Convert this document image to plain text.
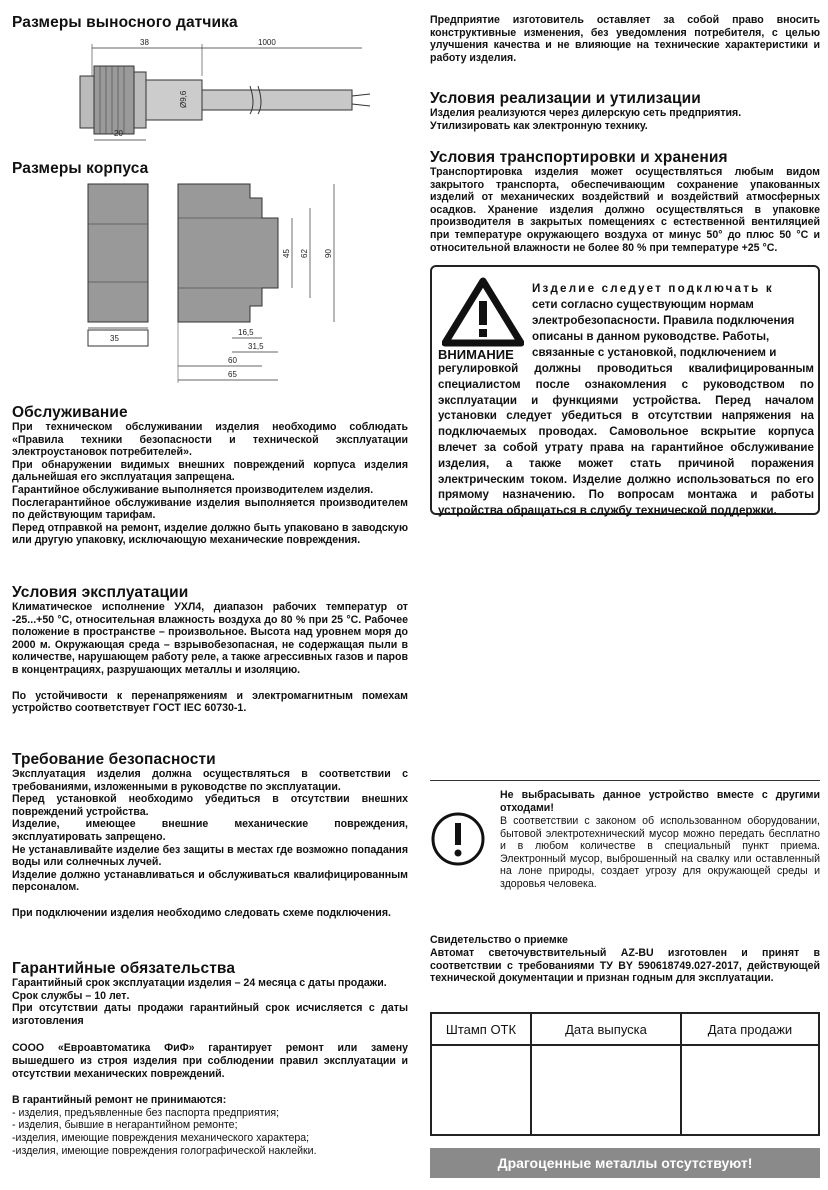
Размеры выносного датчика
38	1000
Ø9,6
20
Размеры корпуса
35
45 62 90
16,5
31,5
60
65
Обслуживание

При техническом обслуживании изделия необходимо соблюдать «Правила техники безопасности и технической эксплуатации электроустановок потребителей».

При обнаружении видимых внешних повреждений корпуса изделия дальнейшая его эксплуатация запрещена.

Гарантийное обслуживание выполняется производителем изделия.

Послегарантийное обслуживание изделия выполняется производителем по действующим тарифам.

Перед отправкой на ремонт, изделие должно быть упаковано в заводскую или другую упаковку, исключающую механические повреждения.

Условия эксплуатации

Климатическое исполнение УХЛ4, диапазон рабочих температур от -25...+50 °С, относительная влажность воздуха до 80 % при 25 °С. Рабочее положение в пространстве – произвольное. Высота над уровнем моря до 2000 м. Окружающая среда – взрывобезопасная, не содержащая пыли в количестве, нарушающем работу реле, а также агрессивных газов и паров в концентрациях, разрушающих металлы и изоляцию.

По устойчивости к перенапряжениям и электромагнитным помехам устройство соответствует ГОСТ IEC 60730-1.

Требование безопасности

Эксплуатация изделия должна осуществляться в соответствии с требованиями, изложенными в руководстве по эксплуатации.

Перед установкой необходимо убедиться в отсутствии внешних повреждений устройства.

Изделие, имеющее внешние механические повреждения, эксплуатировать запрещено.

Не устанавливайте изделие без защиты в местах где возможно попадания воды или солнечных лучей.

Изделие должно устанавливаться и обслуживаться квалифицированным персоналом.

При подключении изделия необходимо следовать схеме подключения.

Гарантийные обязательства

Гарантийный срок эксплуатации изделия – 24 месяца с даты продажи.

Срок службы – 10 лет.

При отсутствии даты продажи гарантийный срок исчисляется с даты изготовления

СООО «Евроавтоматика ФиФ» гарантирует ремонт или замену вышедшего из строя изделия при соблюдении правил эксплуатации и отсутствии механических повреждений.

В гарантийный ремонт не принимаются:

- изделия, предъявленные без паспорта предприятия;

- изделия, бывшие в негарантийном ремонте;

-изделия, имеющие повреждения механического характера;

-изделия, имеющие повреждения голографической наклейки.

Предприятие изготовитель оставляет за собой право вносить конструктивные изменения, без уведомления потребителя, с целью улучшения качества и не влияющие на технические характеристики и работу изделия.

Условия реализации и утилизации

Изделия реализуются через дилерскую сеть предприятия.

Утилизировать как электронную технику.

Условия транспортировки и хранения

Транспортировка изделия может осуществляться любым видом закрытого транспорта, обеспечивающим сохранение упакованных изделий от механических воздействий и воздействий атмосферных осадков. Хранение изделия должно осуществляться в упаковке производителя в закрытых помещениях с естественной вентиляцией при температуре окружающего воздуха от минус 50° до плюс 50 °С и относительной влажности не более 80 % при температуре +25 °С.

ВНИМАНИЕ
Изделие следует подключать к
сети согласно существующим нормам
электробезопасности. Правила подключения
описаны в данном руководстве. Работы,
связанные с установкой, подключением и
регулировкой должны проводиться квалифицированным специалистом после ознакомления с руководством по эксплуатации и функциями устройства. Перед началом установки следует убедиться в отсутствии напряжения на подключаемых проводах. Самовольное вскрытие корпуса влечет за собой утрату права на гарантийное обслуживание изделия, а также может стать причиной поражения электрическим током. Изделие должно использоваться по его прямому назначению. По вопросам монтажа и работы устройства обращаться в службу технической поддержки.

Не выбрасывать данное устройство вместе с другими отходами!

В соответствии с законом об использованном оборудовании, бытовой электротехнический мусор можно передать бесплатно и в любом количестве в специальный пункт приема. Электронный мусор, выброшенный на свалку или оставленный на лоне природы, создает угрозу для окружающей среды и здоровья человека.

Свидетельство о приемке

Автомат светочувствительный AZ-BU изготовлен и принят в соответствии с требованиями ТУ BY 590618749.027-2017, действующей технической документации и признан годным для эксплуатации.

Штамп ОТК	Дата выпуска	Дата продажи

Драгоценные металлы отсутствуют!
